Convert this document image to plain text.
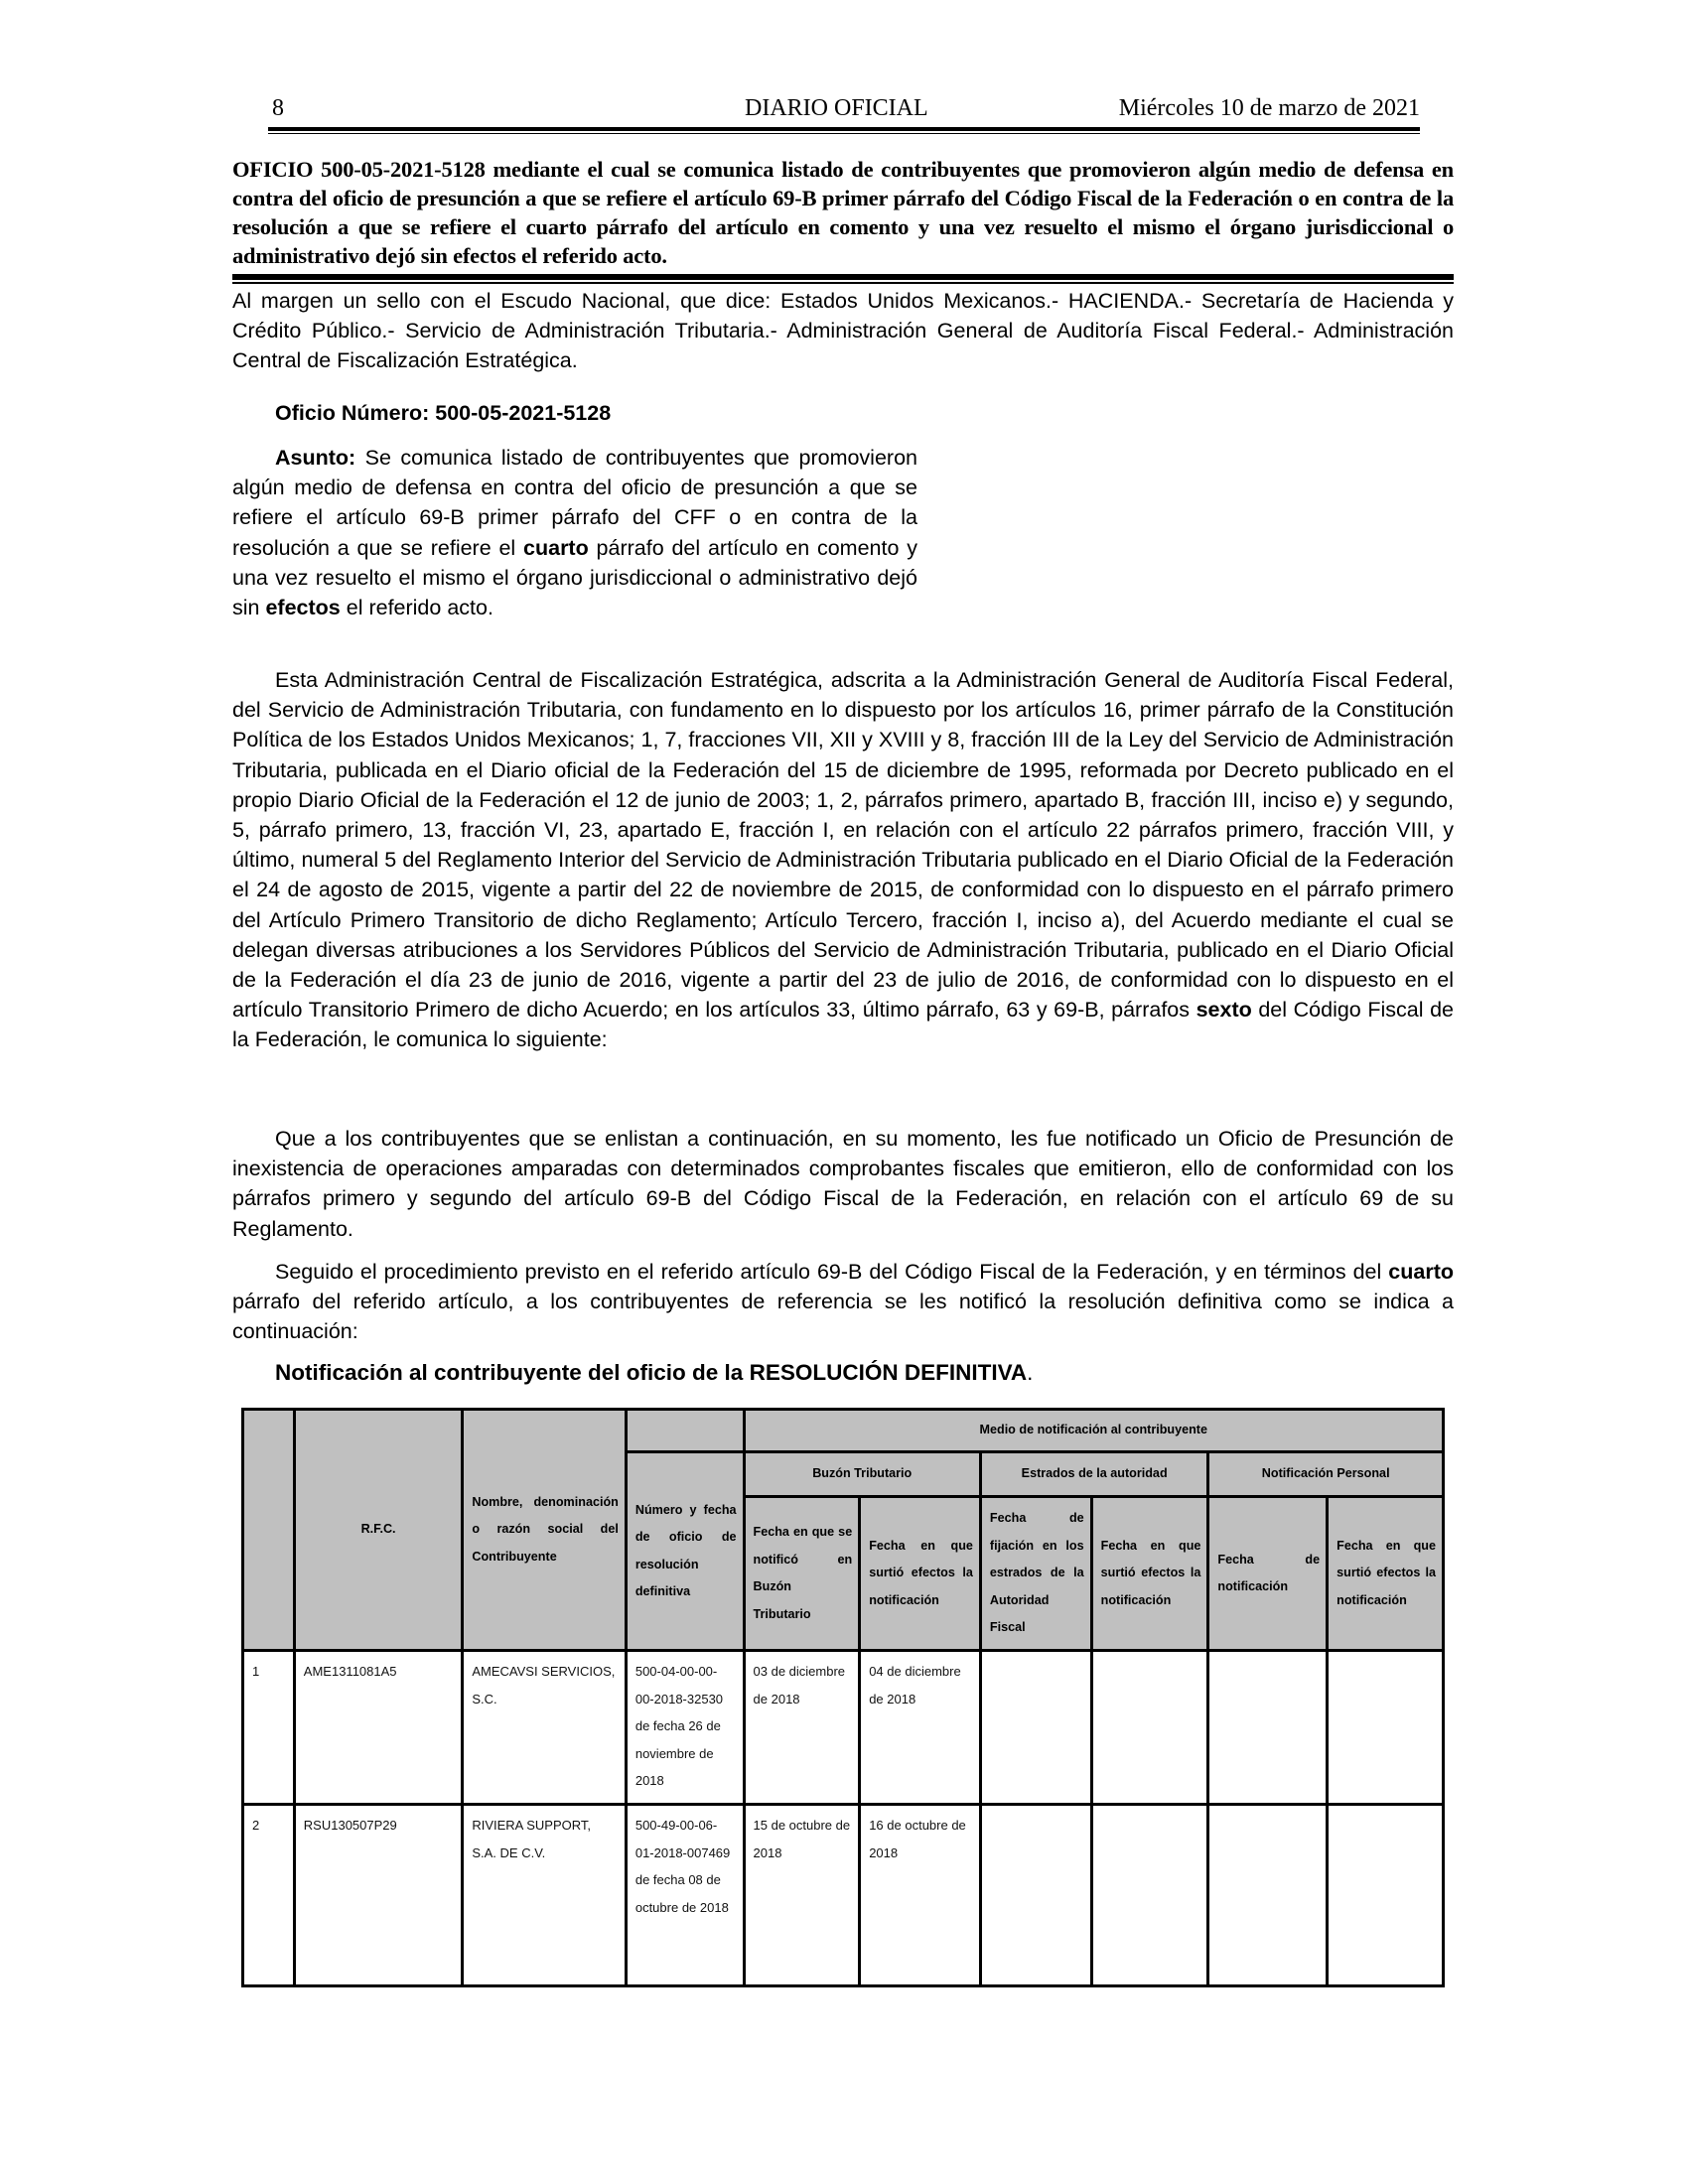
8	DIARIO OFICIAL	Miércoles 10 de marzo de 2021
OFICIO 500-05-2021-5128 mediante el cual se comunica listado de contribuyentes que promovieron algún medio de defensa en contra del oficio de presunción a que se refiere el artículo 69-B primer párrafo del Código Fiscal de la Federación o en contra de la resolución a que se refiere el cuarto párrafo del artículo en comento y una vez resuelto el mismo el órgano jurisdiccional o administrativo dejó sin efectos el referido acto.
Al margen un sello con el Escudo Nacional, que dice: Estados Unidos Mexicanos.- HACIENDA.- Secretaría de Hacienda y Crédito Público.- Servicio de Administración Tributaria.- Administración General de Auditoría Fiscal Federal.- Administración Central de Fiscalización Estratégica.
Oficio Número: 500-05-2021-5128
Asunto: Se comunica listado de contribuyentes que promovieron algún medio de defensa en contra del oficio de presunción a que se refiere el artículo 69-B primer párrafo del CFF o en contra de la resolución a que se refiere el cuarto párrafo del artículo en comento y una vez resuelto el mismo el órgano jurisdiccional o administrativo dejó sin efectos el referido acto.
Esta Administración Central de Fiscalización Estratégica, adscrita a la Administración General de Auditoría Fiscal Federal, del Servicio de Administración Tributaria, con fundamento en lo dispuesto por los artículos 16, primer párrafo de la Constitución Política de los Estados Unidos Mexicanos; 1, 7, fracciones VII, XII y XVIII y 8, fracción III de la Ley del Servicio de Administración Tributaria, publicada en el Diario oficial de la Federación del 15 de diciembre de 1995, reformada por Decreto publicado en el propio Diario Oficial de la Federación el 12 de junio de 2003; 1, 2, párrafos primero, apartado B, fracción III, inciso e) y segundo, 5, párrafo primero, 13, fracción VI, 23, apartado E, fracción I, en relación con el artículo 22 párrafos primero, fracción VIII, y último, numeral 5 del Reglamento Interior del Servicio de Administración Tributaria publicado en el Diario Oficial de la Federación el 24 de agosto de 2015, vigente a partir del 22 de noviembre de 2015, de conformidad con lo dispuesto en el párrafo primero del Artículo Primero Transitorio de dicho Reglamento; Artículo Tercero, fracción I, inciso a), del Acuerdo mediante el cual se delegan diversas atribuciones a los Servidores Públicos del Servicio de Administración Tributaria, publicado en el Diario Oficial de la Federación el día 23 de junio de 2016, vigente a partir del 23 de julio de 2016, de conformidad con lo dispuesto en el artículo Transitorio Primero de dicho Acuerdo; en los artículos 33, último párrafo, 63 y 69-B, párrafos sexto del Código Fiscal de la Federación, le comunica lo siguiente:
Que a los contribuyentes que se enlistan a continuación, en su momento, les fue notificado un Oficio de Presunción de inexistencia de operaciones amparadas con determinados comprobantes fiscales que emitieron, ello de conformidad con los párrafos primero y segundo del artículo 69-B del Código Fiscal de la Federación, en relación con el artículo 69 de su Reglamento.
Seguido el procedimiento previsto en el referido artículo 69-B del Código Fiscal de la Federación, y en términos del cuarto párrafo del referido artículo, a los contribuyentes de referencia se les notificó la resolución definitiva como se indica a continuación:
Notificación al contribuyente del oficio de la RESOLUCIÓN DEFINITIVA.
	R.F.C.	Nombre, denominación o razón social del Contribuyente		Medio de notificación al contribuyente					

			Número y fecha de oficio de resolución definitiva	Buzón Tributario		Estrados de la autoridad		Notificación Personal	

				Fecha en que se notificó en Buzón Tributario	Fecha en que surtió efectos la notificación	Fecha de fijación en los estrados de la Autoridad Fiscal	Fecha en que surtió efectos la notificación	Fecha de notificación	Fecha en que surtió efectos la notificación

1	AME1311081A5	AMECAVSI SERVICIOS, S.C.	500-04-00-00-00-2018-32530 de fecha 26 de noviembre de 2018	03 de diciembre de 2018	04 de diciembre de 2018				
2	RSU130507P29	RIVIERA SUPPORT, S.A. DE C.V.	500-49-00-06-01-2018-007469 de fecha 08 de octubre de 2018	15 de octubre de 2018	16 de octubre de 2018				
